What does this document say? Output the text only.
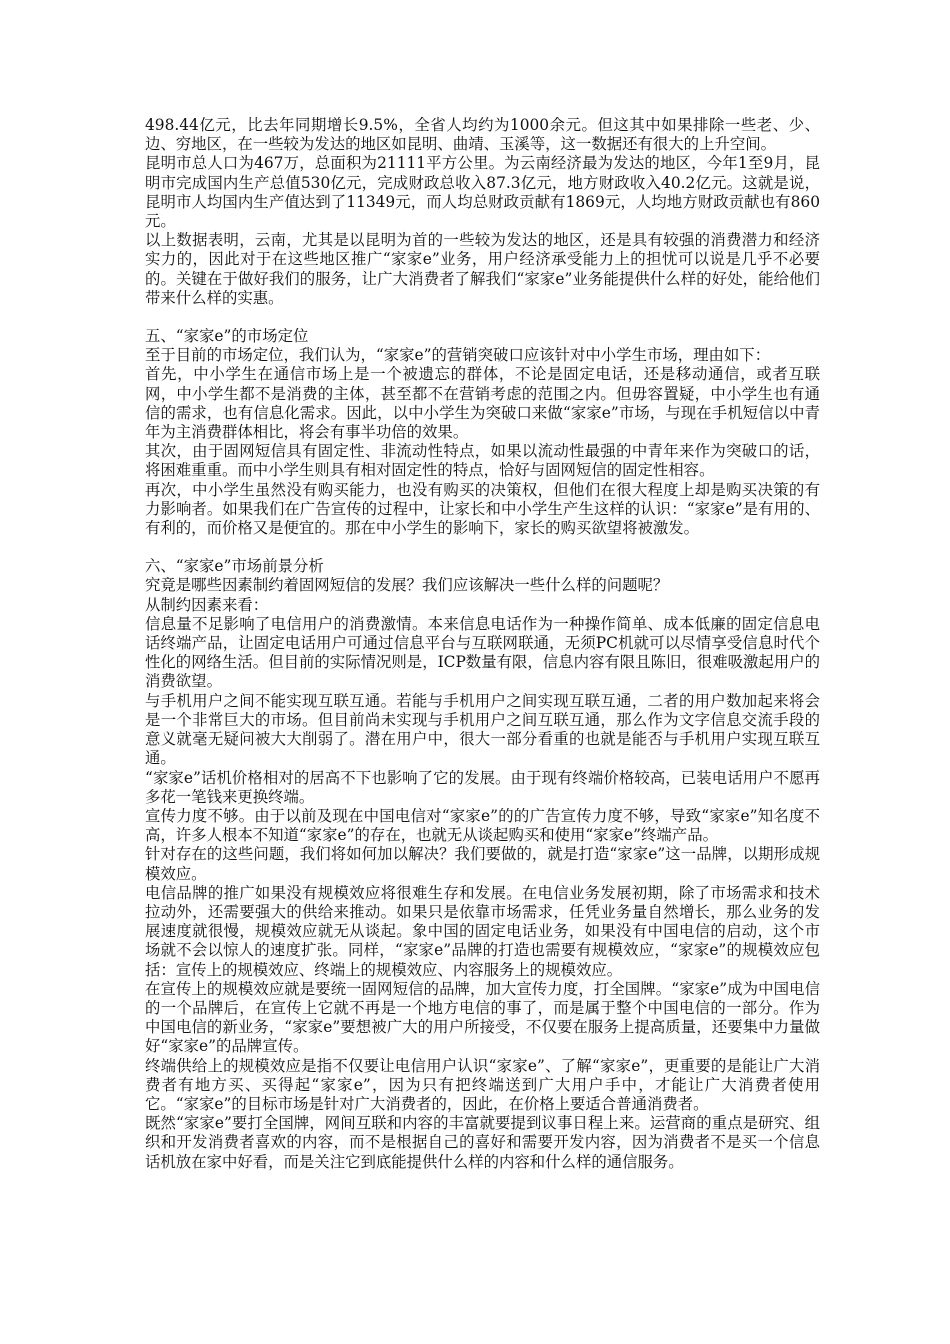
498.44亿元，比去年同期增长9.5%，全省人均约为1000余元。但这其中如果排除一些老、少、边、穷地区，在一些较为发达的地区如昆明、曲靖、玉溪等，这一数据还有很大的上升空间。

昆明市总人口为467万，总面积为21111平方公里。为云南经济最为发达的地区，今年1至9月，昆明市完成国内生产总值530亿元，完成财政总收入87.3亿元，地方财政收入40.2亿元。这就是说，昆明市人均国内生产值达到了11349元，而人均总财政贡献有1869元，人均地方财政贡献也有860元。

以上数据表明，云南，尤其是以昆明为首的一些较为发达的地区，还是具有较强的消费潜力和经济实力的，因此对于在这些地区推广“家家e”业务，用户经济承受能力上的担忧可以说是几乎不必要的。关键在于做好我们的服务，让广大消费者了解我们“家家e”业务能提供什么样的好处，能给他们带来什么样的实惠。

五、“家家e”的市场定位

至于目前的市场定位，我们认为，“家家e”的营销突破口应该针对中小学生市场，理由如下：

首先，中小学生在通信市场上是一个被遗忘的群体，不论是固定电话，还是移动通信，或者互联网，中小学生都不是消费的主体，甚至都不在营销考虑的范围之内。但毋容置疑，中小学生也有通信的需求，也有信息化需求。因此，以中小学生为突破口来做“家家e”市场，与现在手机短信以中青年为主消费群体相比，将会有事半功倍的效果。

其次，由于固网短信具有固定性、非流动性特点，如果以流动性最强的中青年来作为突破口的话，将困难重重。而中小学生则具有相对固定性的特点，恰好与固网短信的固定性相容。

再次，中小学生虽然没有购买能力，也没有购买的决策权，但他们在很大程度上却是购买决策的有力影响者。如果我们在广告宣传的过程中，让家长和中小学生产生这样的认识：“家家e”是有用的、有利的，而价格又是便宜的。那在中小学生的影响下，家长的购买欲望将被激发。

六、“家家e”市场前景分析

究竟是哪些因素制约着固网短信的发展？我们应该解决一些什么样的问题呢？

从制约因素来看：

信息量不足影响了电信用户的消费激情。本来信息电话作为一种操作简单、成本低廉的固定信息电话终端产品，让固定电话用户可通过信息平台与互联网联通，无须PC机就可以尽情享受信息时代个性化的网络生活。但目前的实际情况则是，ICP数量有限，信息内容有限且陈旧，很难吸激起用户的消费欲望。

与手机用户之间不能实现互联互通。若能与手机用户之间实现互联互通，二者的用户数加起来将会是一个非常巨大的市场。但目前尚未实现与手机用户之间互联互通，那么作为文字信息交流手段的意义就毫无疑问被大大削弱了。潜在用户中，很大一部分看重的也就是能否与手机用户实现互联互通。

“家家e”话机价格相对的居高不下也影响了它的发展。由于现有终端价格较高，已装电话用户不愿再多花一笔钱来更换终端。

宣传力度不够。由于以前及现在中国电信对“家家e”的的广告宣传力度不够，导致“家家e”知名度不高，许多人根本不知道“家家e”的存在，也就无从谈起购买和使用“家家e”终端产品。

针对存在的这些问题，我们将如何加以解决？我们要做的，就是打造“家家e”这一品牌，以期形成规模效应。

电信品牌的推广如果没有规模效应将很难生存和发展。在电信业务发展初期，除了市场需求和技术拉动外，还需要强大的供给来推动。如果只是依靠市场需求，任凭业务量自然增长，那么业务的发展速度就很慢，规模效应就无从谈起。象中国的固定电话业务，如果没有中国电信的启动，这个市场就不会以惊人的速度扩张。同样，“家家e”品牌的打造也需要有规模效应，“家家e”的规模效应包括：宣传上的规模效应、终端上的规模效应、内容服务上的规模效应。

在宣传上的规模效应就是要统一固网短信的品牌，加大宣传力度，打全国牌。“家家e”成为中国电信的一个品牌后，在宣传上它就不再是一个地方电信的事了，而是属于整个中国电信的一部分。作为中国电信的新业务，“家家e”要想被广大的用户所接受，不仅要在服务上提高质量，还要集中力量做好“家家e”的品牌宣传。

终端供给上的规模效应是指不仅要让电信用户认识“家家e”、了解“家家e”，更重要的是能让广大消费者有地方买、买得起“家家e”，因为只有把终端送到广大用户手中，才能让广大消费者使用它。“家家e”的目标市场是针对广大消费者的，因此，在价格上要适合普通消费者。

既然“家家e”要打全国牌，网间互联和内容的丰富就要提到议事日程上来。运营商的重点是研究、组织和开发消费者喜欢的内容，而不是根据自己的喜好和需要开发内容，因为消费者不是买一个信息话机放在家中好看，而是关注它到底能提供什么样的内容和什么样的通信服务。
